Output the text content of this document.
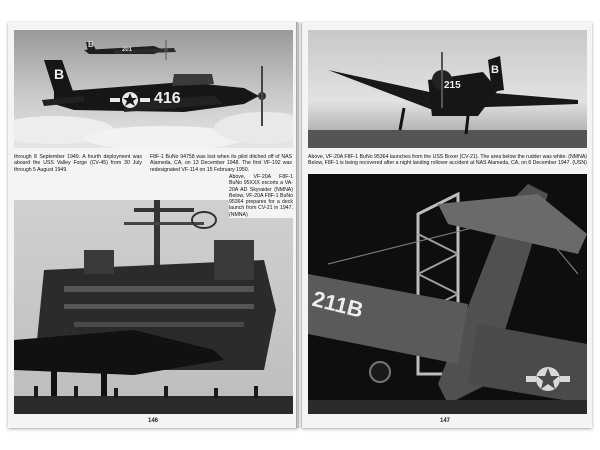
B
416
B
201
through 8 September 1949. A fourth deployment was aboard the USS Valley Forge (CV-45) from 30 July through 5 August 1949.
F8F-1 BuNo 94758 was lost when its pilot ditched off of NAS Alameda, CA, on 13 December 1948. The first VF-192 was redesignated VF-114 on 15 February 1950.
146
215
B
Above, VF-20A F8F-1 BuNo 95364 launches from the USS Boxer (CV-21). The area below the rudder was white. (NMNA) Below, F8F-1 is being recovered after a night landing rollover accident at NAS Alameda, CA, on 8 December 1947. (USN)
211B
147
Above, VF-20A F8F-1 BuNo 95XXX escorts a VA-20A AD Skyraider (NMNA) Below, VF-20A F8F-1 BuNo 95364 prepares for a deck launch from CV-21 in 1947. (NMNA)
